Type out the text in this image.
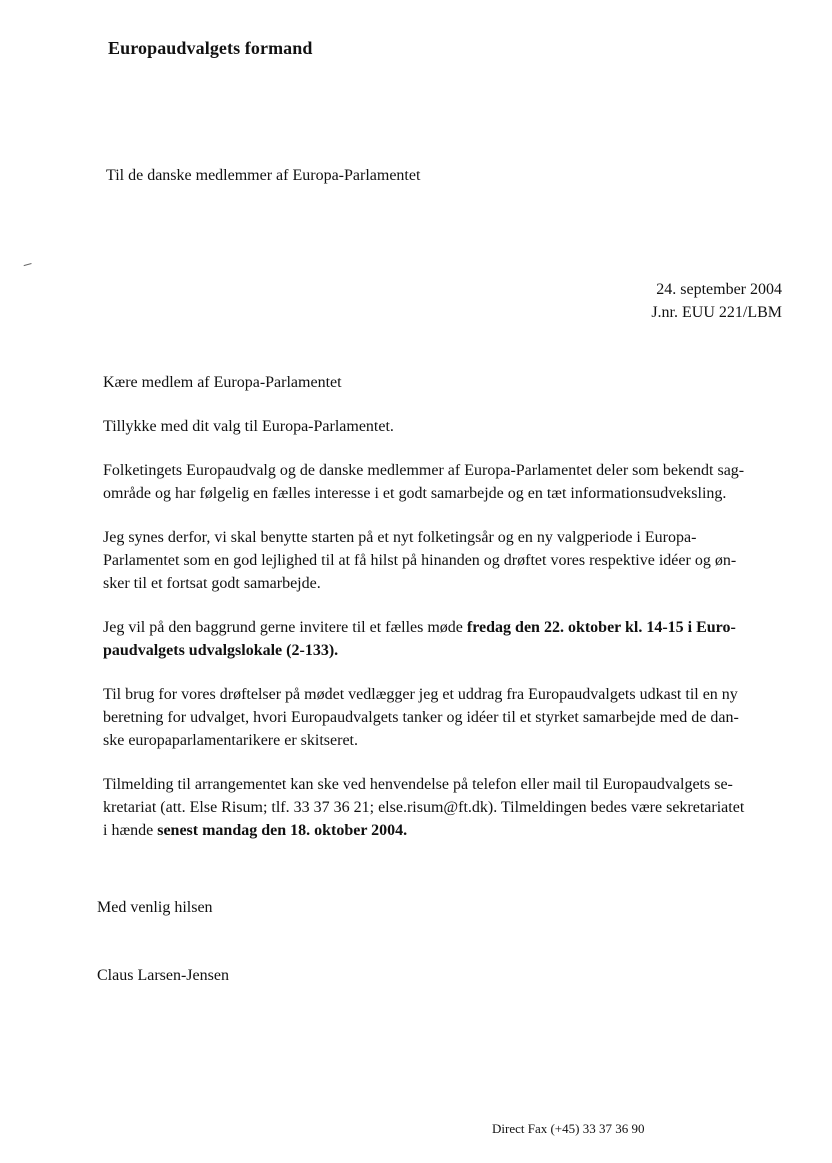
Europaudvalgets formand
Til de danske medlemmer af Europa-Parlamentet
24. september 2004
J.nr. EUU 221/LBM

Kære medlem af Europa-Parlamentet

Tillykke med dit valg til Europa-Parlamentet.

Folketingets Europaudvalg og de danske medlemmer af Europa-Parlamentet deler som bekendt sag-
område og har følgelig en fælles interesse i et godt samarbejde og en tæt informationsudveksling.

Jeg synes derfor, vi skal benytte starten på et nyt folketingsår og en ny valgperiode i Europa-
Parlamentet som en god lejlighed til at få hilst på hinanden og drøftet vores respektive idéer og øn-
sker til et fortsat godt samarbejde.

Jeg vil på den baggrund gerne invitere til et fælles møde fredag den 22. oktober kl. 14-15 i Euro-
paudvalgets udvalgslokale (2-133).

Til brug for vores drøftelser på mødet vedlægger jeg et uddrag fra Europaudvalgets udkast til en ny
beretning for udvalget, hvori Europaudvalgets tanker og idéer til et styrket samarbejde med de dan-
ske europaparlamentarikere er skitseret.

Tilmelding til arrangementet kan ske ved henvendelse på telefon eller mail til Europaudvalgets se-
kretariat (att. Else Risum; tlf. 33 37 36 21; else.risum@ft.dk). Tilmeldingen bedes være sekretariatet
i hænde senest mandag den 18. oktober 2004.

Med venlig hilsen
Claus Larsen-Jensen
Direct Fax (+45) 33 37 36 90
